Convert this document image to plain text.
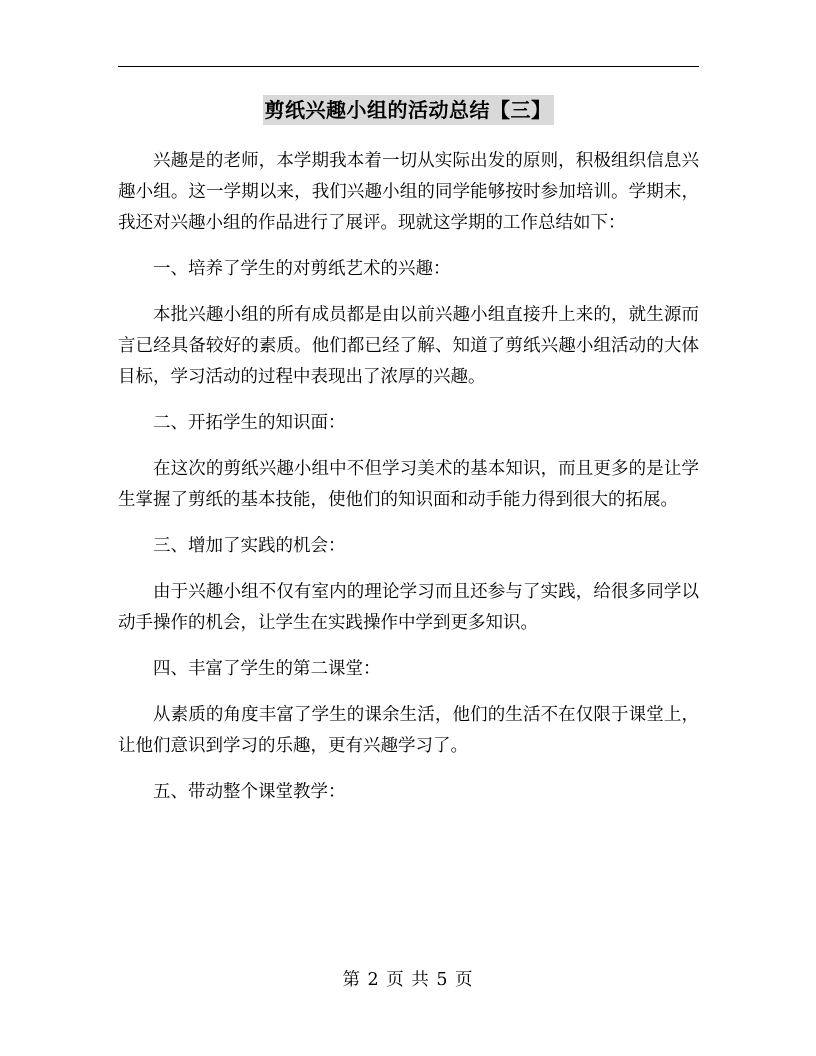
剪纸兴趣小组的活动总结【三】

兴趣是的老师，本学期我本着一切从实际出发的原则，积极组织信息兴趣小组。这一学期以来，我们兴趣小组的同学能够按时参加培训。学期末，我还对兴趣小组的作品进行了展评。现就这学期的工作总结如下：

一、培养了学生的对剪纸艺术的兴趣：

本批兴趣小组的所有成员都是由以前兴趣小组直接升上来的，就生源而言已经具备较好的素质。他们都已经了解、知道了剪纸兴趣小组活动的大体目标，学习活动的过程中表现出了浓厚的兴趣。

二、开拓学生的知识面：

在这次的剪纸兴趣小组中不但学习美术的基本知识，而且更多的是让学生掌握了剪纸的基本技能，使他们的知识面和动手能力得到很大的拓展。

三、增加了实践的机会：

由于兴趣小组不仅有室内的理论学习而且还参与了实践，给很多同学以动手操作的机会，让学生在实践操作中学到更多知识。

四、丰富了学生的第二课堂：

从素质的角度丰富了学生的课余生活，他们的生活不在仅限于课堂上，让他们意识到学习的乐趣，更有兴趣学习了。

五、带动整个课堂教学：

第 2 页 共 5 页
